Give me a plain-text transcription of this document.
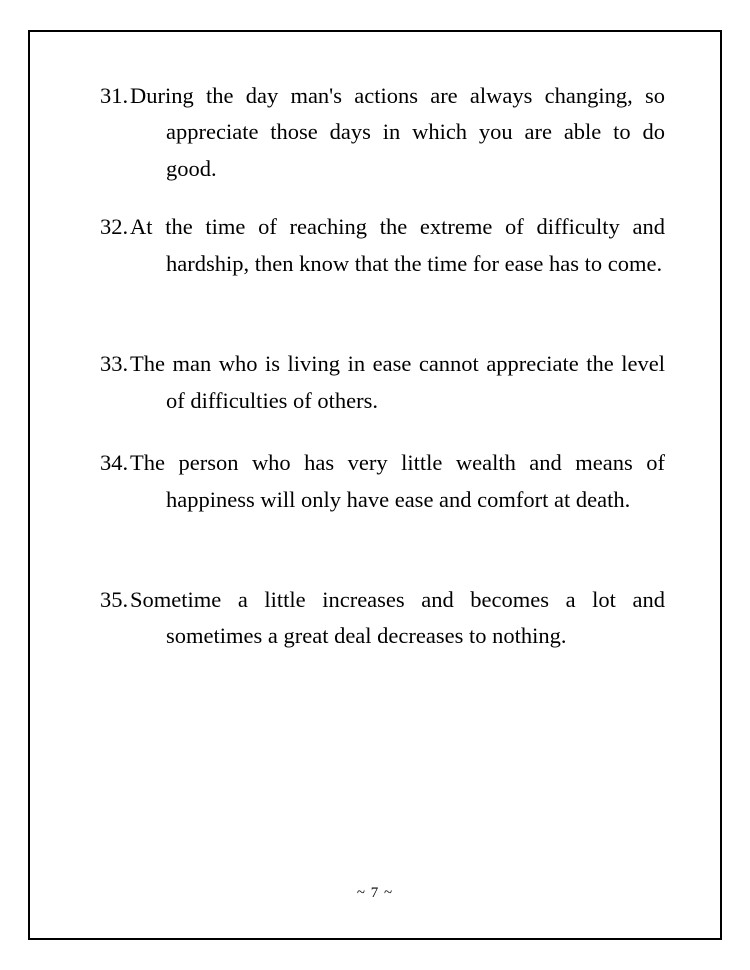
31. During the day man's actions are always changing, so appreciate those days in which you are able to do good.
32. At the time of reaching the extreme of difficulty and hardship, then know that the time for ease has to come.
33. The man who is living in ease cannot appreciate the level of difficulties of others.
34. The person who has very little wealth and means of happiness will only have ease and comfort at death.
35. Sometime a little increases and becomes a lot and sometimes a great deal decreases to nothing.
~ 7 ~
